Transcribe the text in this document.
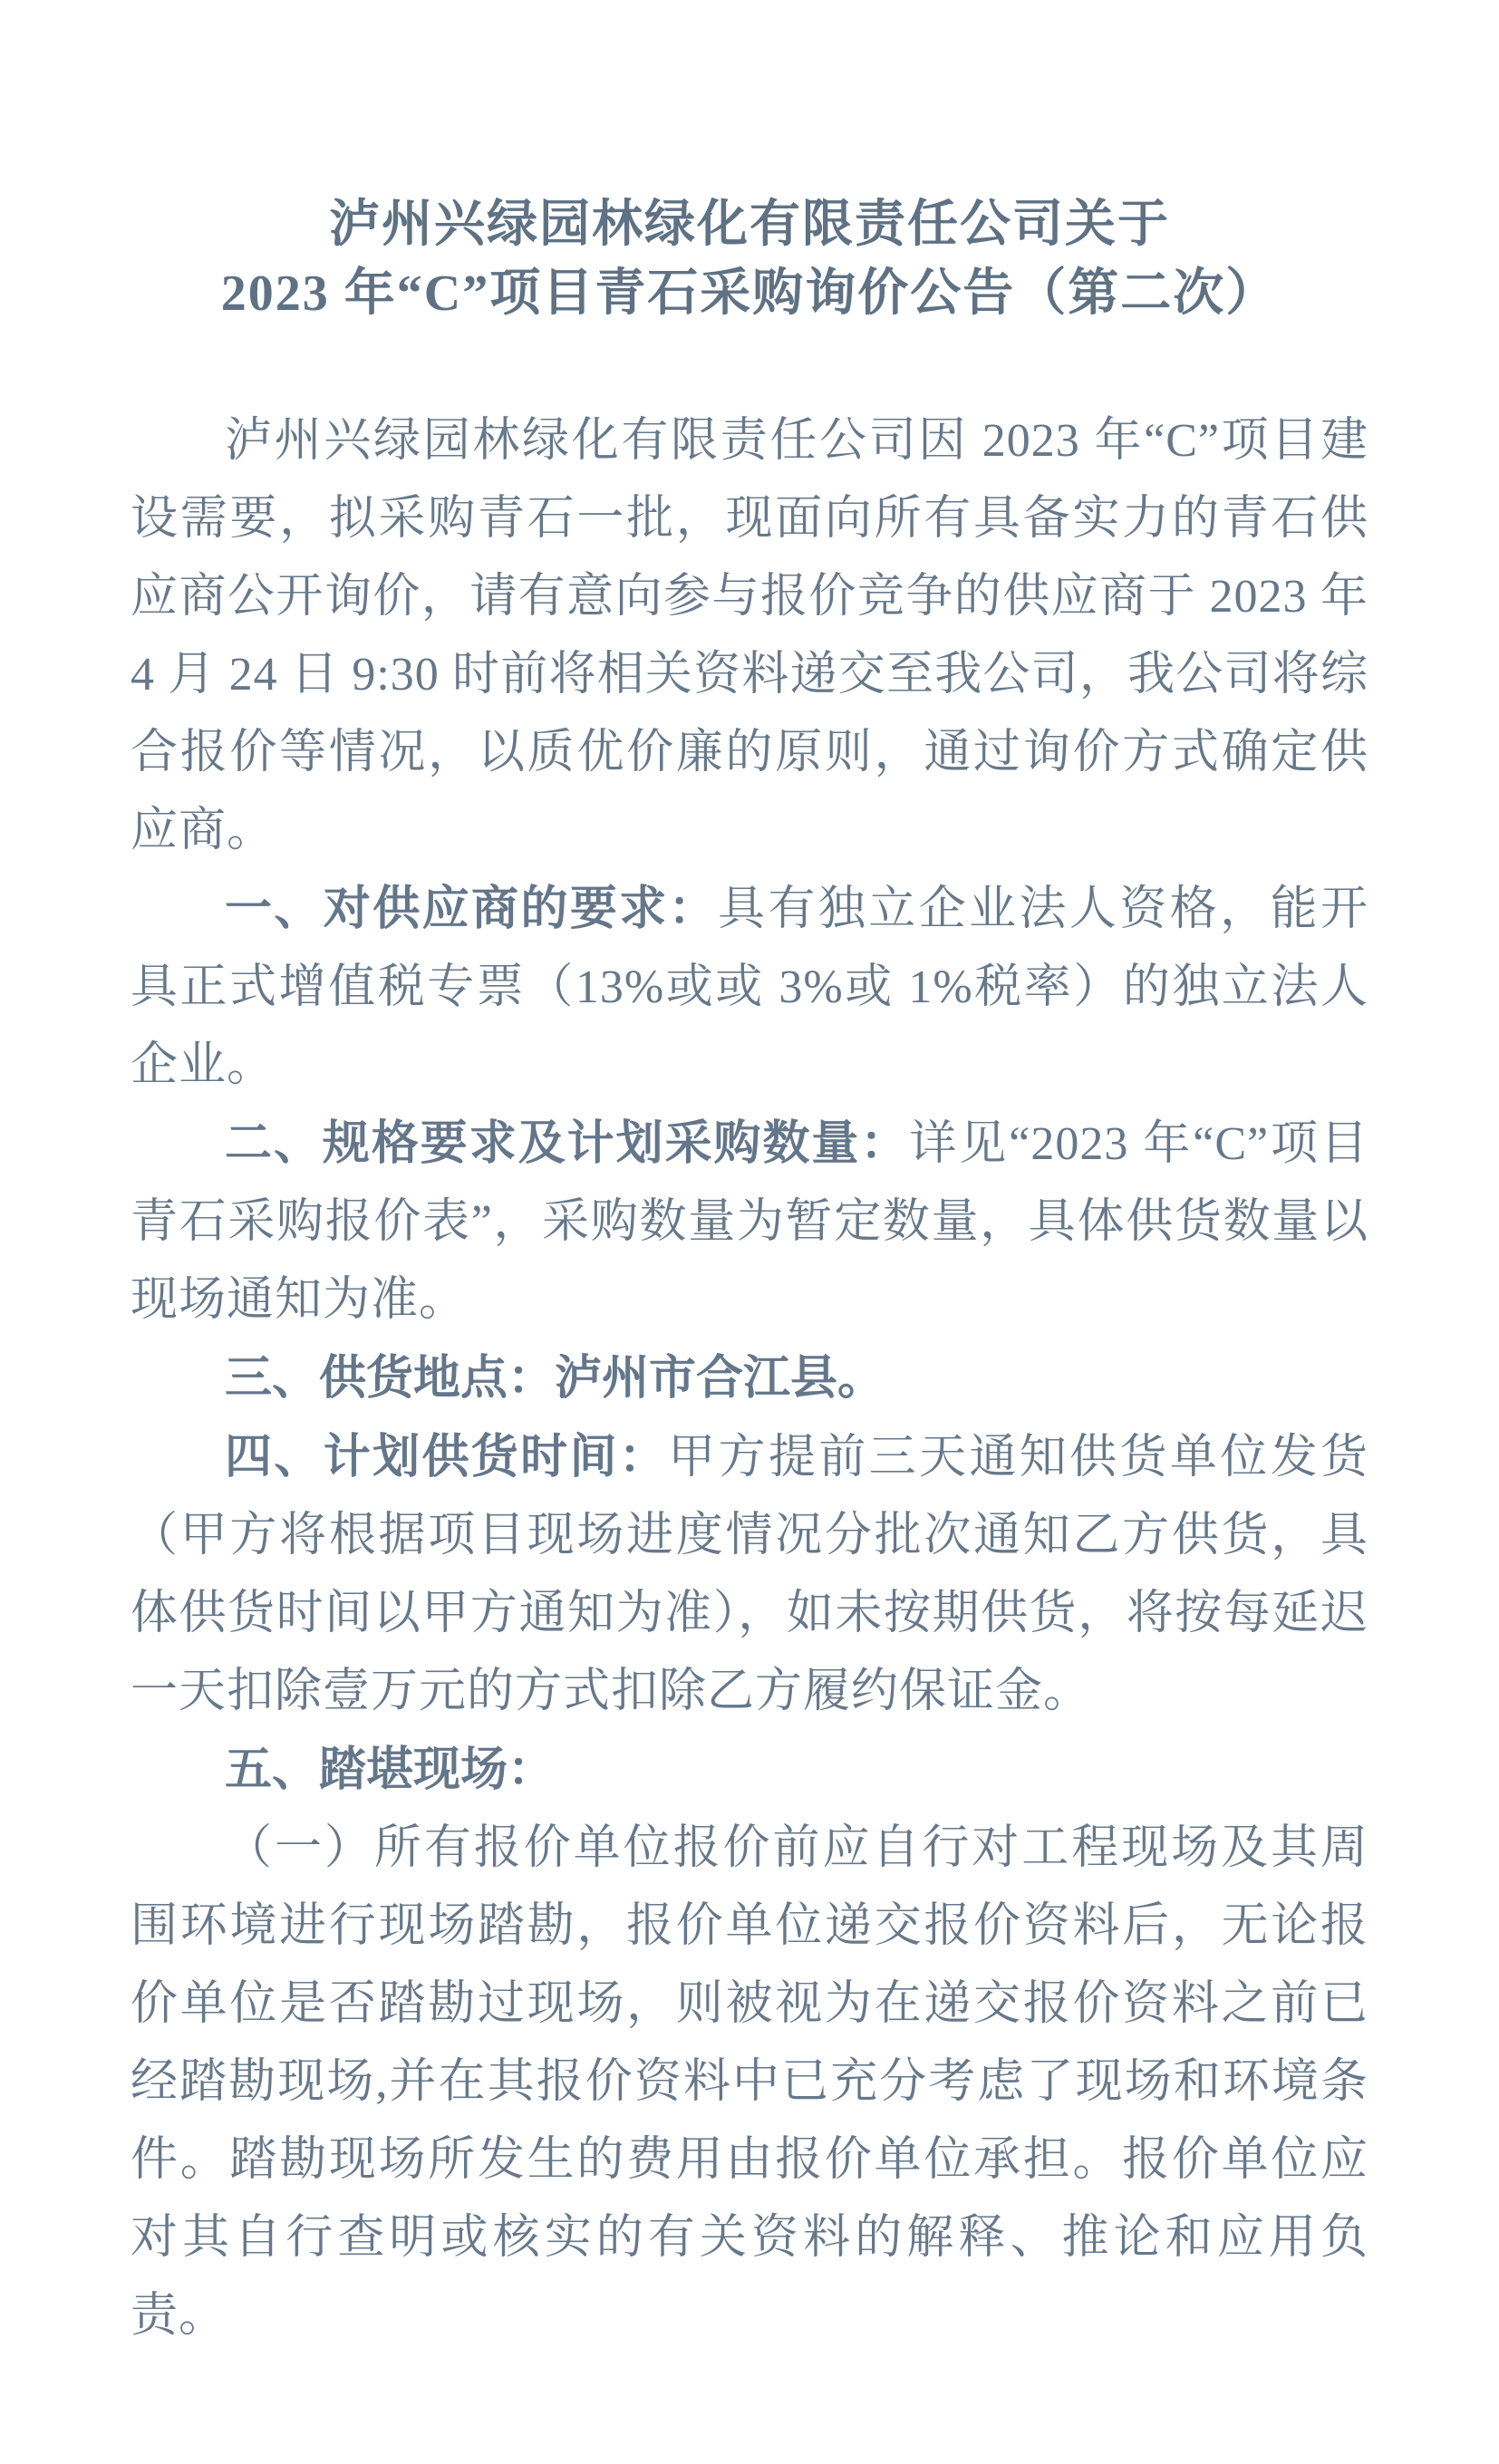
泸州兴绿园林绿化有限责任公司关于
2023 年“C”项目青石采购询价公告（第二次）

泸州兴绿园林绿化有限责任公司因 2023 年“C”项目建设需要，拟采购青石一批，现面向所有具备实力的青石供应商公开询价，请有意向参与报价竞争的供应商于 2023 年 4 月 24 日 9:30 时前将相关资料递交至我公司，我公司将综合报价等情况，以质优价廉的原则，通过询价方式确定供应商。

一、对供应商的要求：具有独立企业法人资格，能开具正式增值税专票（13%或或 3%或 1%税率）的独立法人企业。

二、规格要求及计划采购数量：详见“2023 年“C”项目青石采购报价表”，采购数量为暂定数量，具体供货数量以现场通知为准。

三、供货地点：泸州市合江县。

四、计划供货时间：甲方提前三天通知供货单位发货（甲方将根据项目现场进度情况分批次通知乙方供货，具体供货时间以甲方通知为准），如未按期供货，将按每延迟一天扣除壹万元的方式扣除乙方履约保证金。

五、踏堪现场：

（一）所有报价单位报价前应自行对工程现场及其周围环境进行现场踏勘，报价单位递交报价资料后，无论报价单位是否踏勘过现场，则被视为在递交报价资料之前已经踏勘现场,并在其报价资料中已充分考虑了现场和环境条件。踏勘现场所发生的费用由报价单位承担。报价单位应对其自行查明或核实的有关资料的解释、推论和应用负责。
